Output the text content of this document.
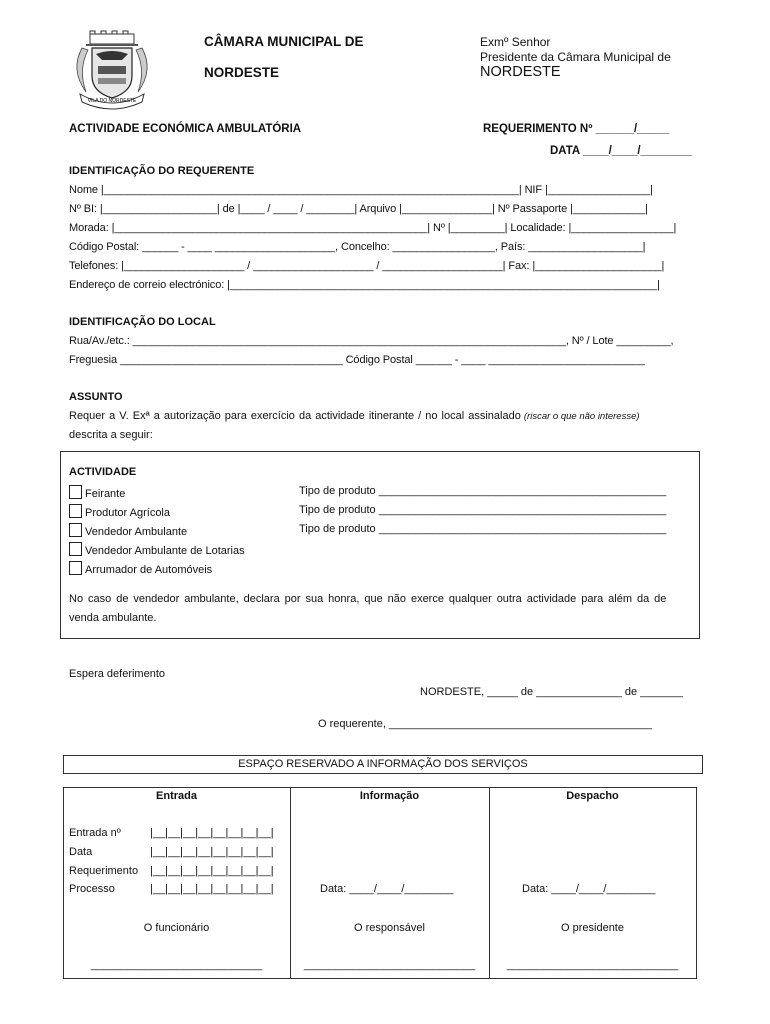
VILA DO NORDESTE
CÂMARA MUNICIPAL DE
NORDESTE
Exmº Senhor
Presidente da Câmara Municipal de
NORDESTE
ACTIVIDADE ECONÓMICA AMBULATÓRIA	REQUERIMENTO Nº ______/_____
DATA ____/____/________
IDENTIFICAÇÃO DO REQUERENTE
Nome |_____________________________________________________________________| NIF |_________________|
Nº BI: |___________________| de |____ / ____ / ________| Arquivo |_______________| Nº Passaporte |____________|
Morada: |____________________________________________________| Nº |_________| Localidade: |_________________|
Código Postal: ______ - ____ ____________________, Concelho: _________________, País: ___________________|
Telefones: |____________________ / ____________________ / ____________________| Fax: |_____________________|
Endereço de correio electrónico: |_______________________________________________________________________|
IDENTIFICAÇÃO DO LOCAL
Rua/Av./etc.: ________________________________________________________________________, Nº / Lote _________,
Freguesia _____________________________________ Código Postal ______ - ____ __________________________
ASSUNTO
Requer a V. Exª a autorização para exercício da actividade itinerante / no local assinalado (riscar o que não interesse)
descrita a seguir:
ACTIVIDADE
Feirante
Produtor Agrícola
Vendedor Ambulante
Vendedor Ambulante de Lotarias
Arrumador de Automóveis
Tipo de produto _______________________________________________
Tipo de produto _______________________________________________
Tipo de produto _______________________________________________
No caso de vendedor ambulante, declara por sua honra, que não exerce qualquer outra actividade para além da de
venda ambulante.
Espera deferimento
NORDESTE, _____ de ______________ de _______
O requerente, ___________________________________________
ESPAÇO RESERVADO A INFORMAÇÃO DOS SERVIÇOS
Entrada	Informação	Despacho
Entrada nº	|__|__|__|__|__|__|__|__|
Data	|__|__|__|__|__|__|__|__|
Requerimento |__|__|__|__|__|__|__|__|
Processo	|__|__|__|__|__|__|__|__|	Data: ____/____/________	Data: ____/____/________
O funcionário	O responsável	O presidente
____________________________	____________________________	____________________________
